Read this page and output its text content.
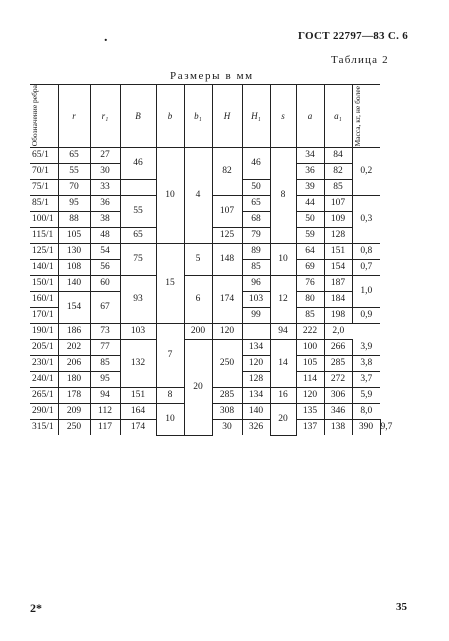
.	ГОСТ 22797—83 С. 6
Таблица 2
Размеры в мм
Обозначение ребра	r	r₁	B	b	b₁	H	H₁	s	a	a₁	Масса, кг, не более	

65/1	65	27	46	10	4	82	46	8	34	84	0,2	
70/1	55	30							36	82		
75/1	70	33					50		39	85		
85/1	95	36	55			107	65		44	107	0,3	
100/1	88	38					68		50	109		
115/1	105	48	65			125	79		59	128		
125/1	130	54	75	15	5	148	89	10	64	151	0,8	
140/1	108	56					85		69	154	0,7	
150/1	140	60	93		6	174	96	12	76	187	1,0	
160/1	154	67					103		80	184		
170/1							99		85	198	0,9	
190/1	186	73	103	7	200	120		94	222	2,0		
205/1	202	77	132		20	250	134	14	100	266	3,9	
230/1	206	85					120		105	285	3,8	
240/1	180	95					128		114	272	3,7	
265/1	178	94	151	8		285	134	16	120	306	5,9	
290/1	209	112	164	10		308	140	20	135	346	8,0	
315/1	250	117	174			30	326		137	138	390	9,7
2*	35
